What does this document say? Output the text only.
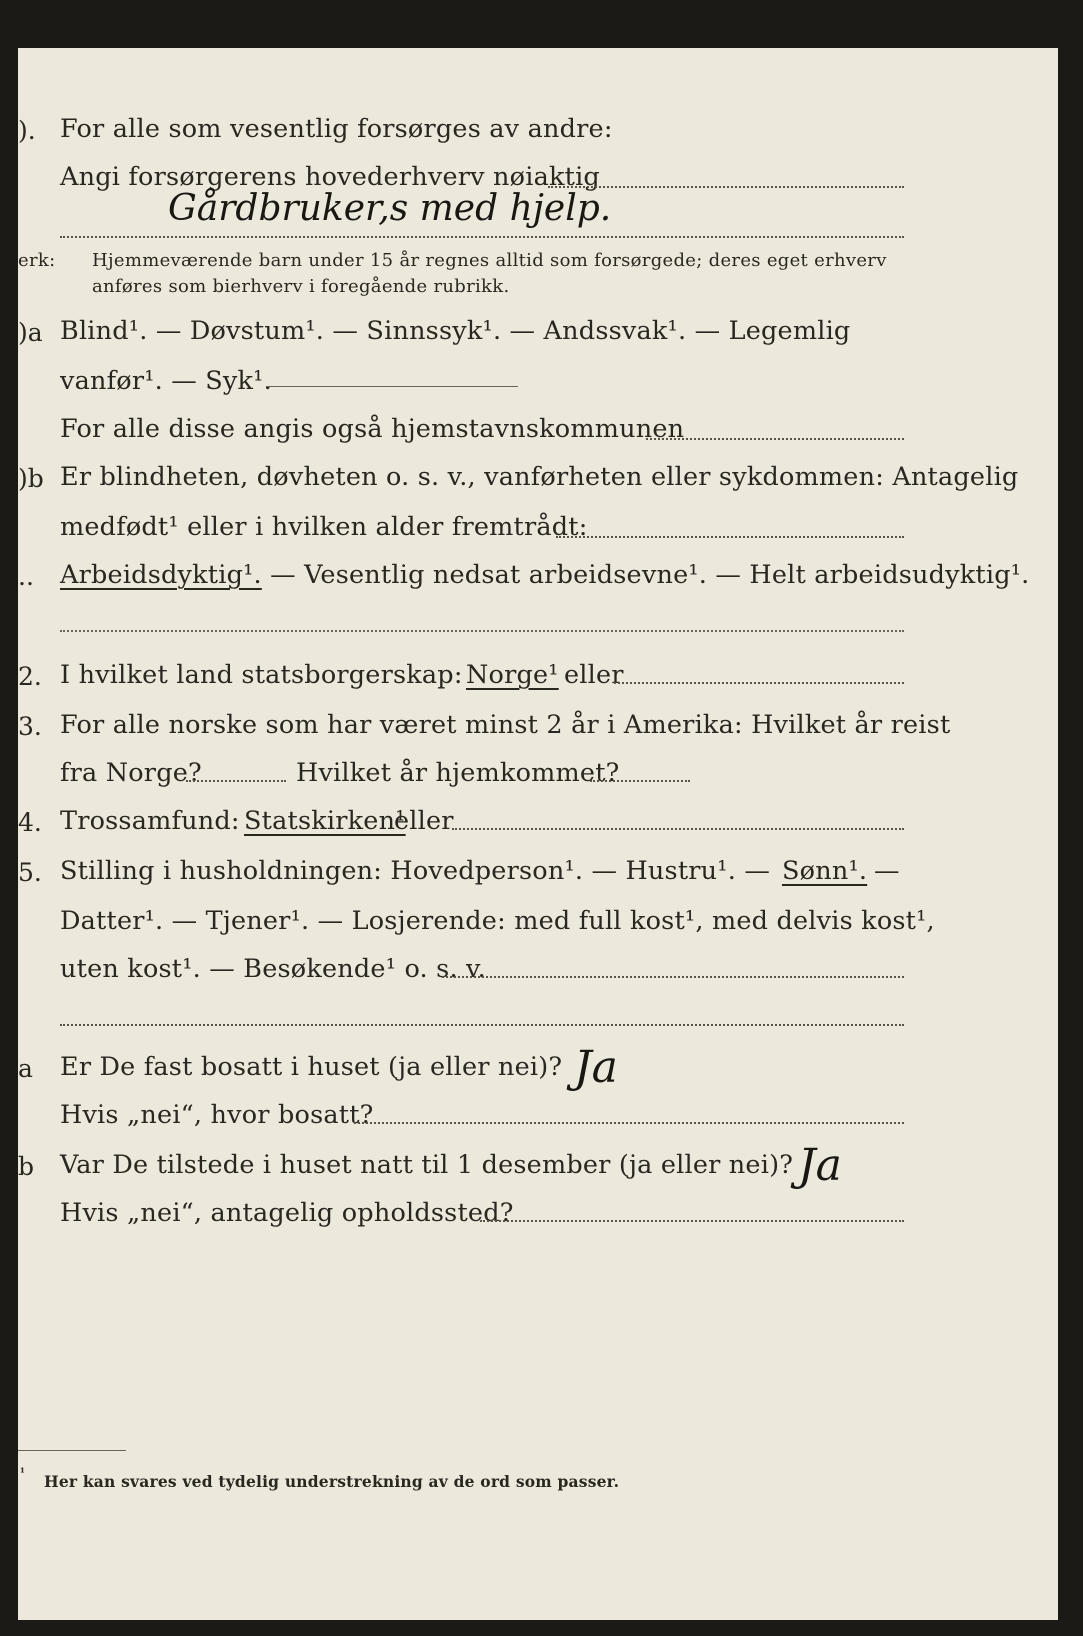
). For alle som vesentlig forsørges av andre:
Angi forsørgerens hovederhverv nøiaktig
Gårdbruker,s med hjelp.
erk: Hjemmeværende barn under 15 år regnes alltid som forsørgede; deres eget erhverv
anføres som bierhverv i foregående rubrikk.
)a Blind¹. — Døvstum¹. — Sinnssyk¹. — Andssvak¹. — Legemlig
vanfør¹. — Syk¹.
For alle disse angis også hjemstavnskommunen
)b Er blindheten, døvheten o. s. v., vanførheten eller sykdommen: Antagelig
medfødt¹ eller i hvilken alder fremtrådt:
.. Arbeidsdyktig¹. — Vesentlig nedsat arbeidsevne¹. — Helt arbeidsudyktig¹.
2. I hvilket land statsborgerskap: Norge¹ eller
3. For alle norske som har været minst 2 år i Amerika: Hvilket år reist
fra Norge?	Hvilket år hjemkommet?
4. Trossamfund: Statskirken¹
eller
5. Stilling i husholdningen: Hovedperson¹. — Hustru¹. — Sønn¹. —
Datter¹. — Tjener¹. — Losjerende: med full kost¹, med delvis kost¹,
uten kost¹. — Besøkende¹ o. s. v.
a Er De fast bosatt i huset (ja eller nei)? Ja
Hvis „nei“, hvor bosatt?
b Var De tilstede i huset natt til 1 desember (ja eller nei)? Ja
Hvis „nei“, antagelig opholdssted?
¹ Her kan svares ved tydelig understrekning av de ord som passer.
